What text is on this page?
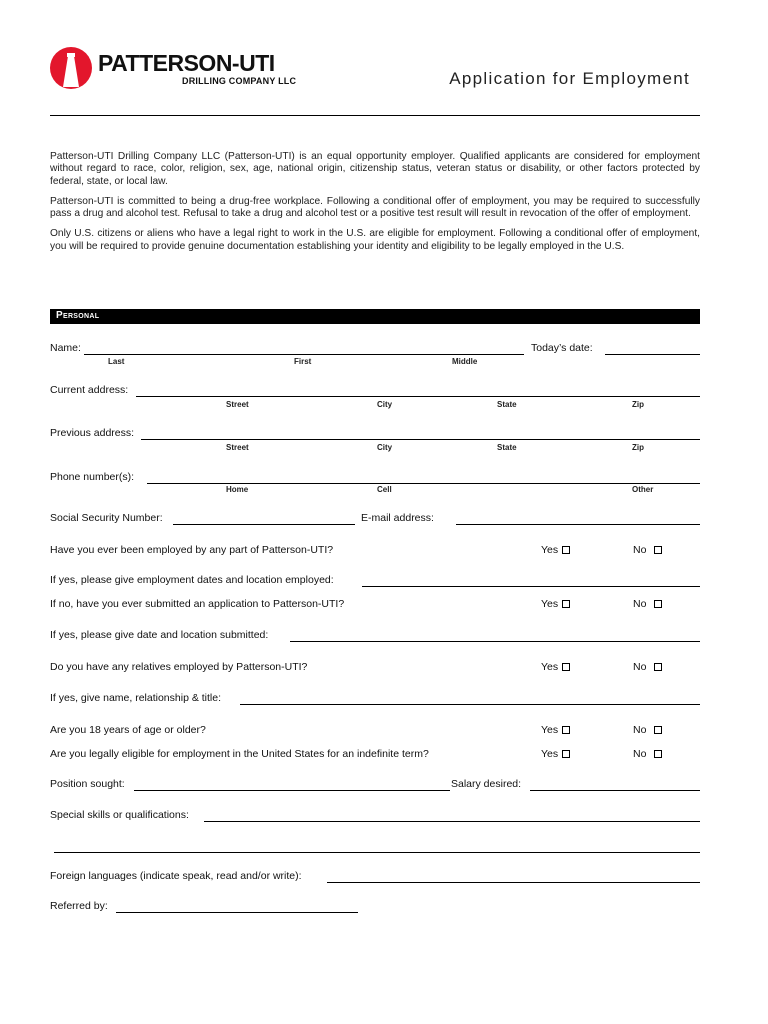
PATTERSON-UTI
DRILLING COMPANY LLC	Application for Employment

Patterson-UTI Drilling Company LLC (Patterson-UTI) is an equal opportunity employer. Qualified applicants are considered for employment without regard to race, color, religion, sex, age, national origin, citizenship status, veteran status or disability, or other factors protected by federal, state, or local law.

Patterson-UTI is committed to being a drug-free workplace. Following a conditional offer of employment, you may be required to successfully pass a drug and alcohol test. Refusal to take a drug and alcohol test or a positive test result will result in revocation of the offer of employment.

Only U.S. citizens or aliens who have a legal right to work in the U.S. are eligible for employment. Following a conditional offer of employment, you will be required to provide genuine documentation establishing your identity and eligibility to be legally employed in the U.S.

Personal
Name:	Today’s date:
Last	First	Middle
Current address:
Street	City	State	Zip
Previous address:
Street	City	State	Zip
Phone number(s):
Home	Cell	Other
Social Security Number:	E-mail address:
Have you ever been employed by any part of Patterson-UTI?	Yes	No
If yes, please give employment dates and location employed:
If no, have you ever submitted an application to Patterson-UTI?	Yes	No
If yes, please give date and location submitted:
Do you have any relatives employed by Patterson-UTI?	Yes	No
If yes, give name, relationship & title:
Are you 18 years of age or older?	Yes	No
Are you legally eligible for employment in the United States for an indefinite term?	Yes	No
Position sought:	Salary desired:
Special skills or qualifications:
Foreign languages (indicate speak, read and/or write):
Referred by:
